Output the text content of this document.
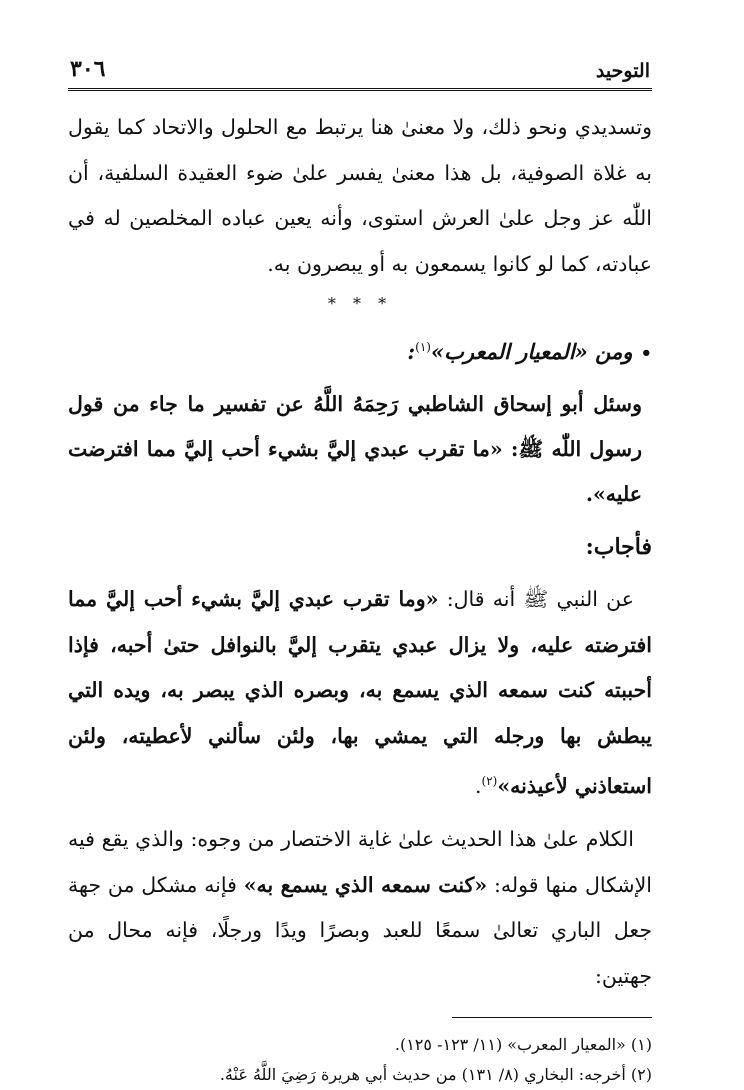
التوحيد
٣٠٦

وتسديدي ونحو ذلك، ولا معنىٰ هنا يرتبط مع الحلول والاتحاد كما يقول به غلاة الصوفية، بل هذا معنىٰ يفسر علىٰ ضوء العقيدة السلفية، أن اللّٰه عز وجل علىٰ العرش استوى، وأنه يعين عباده المخلصين له في عبادته، كما لو كانوا يسمعون به أو يبصرون به.

* * *
•ومن «المعيار المعرب»$^{(١)}$:

وسئل أبو إسحاق الشاطبي رَحِمَهُ اللَّهُ عن تفسير ما جاء من قول رسول اللّٰه ﷺ: «ما تقرب عبدي إليَّ بشيء أحب إليَّ مما افترضت عليه».

فأجاب:

عن النبي ﷺ أنه قال: «وما تقرب عبدي إليَّ بشيء أحب إليَّ مما افترضته عليه، ولا يزال عبدي يتقرب إليَّ بالنوافل حتىٰ أحبه، فإذا أحببته كنت سمعه الذي يسمع به، وبصره الذي يبصر به، ويده التي يبطش بها ورجله التي يمشي بها، ولئن سألني لأعطيته، ولئن استعاذني لأعيذنه»$^{(٢)}$.

الكلام علىٰ هذا الحديث علىٰ غاية الاختصار من وجوه: والذي يقع فيه الإشكال منها قوله: «كنت سمعه الذي يسمع به» فإنه مشكل من جهة جعل الباري تعالىٰ سمعًا للعبد وبصرًا ويدًا ورجلًا، فإنه محال من جهتين:

(١) «المعيار المعرب» (١١/ ١٢٣- ١٢٥).

(٢) أخرجه: البخاري (٨/ ١٣١) من حديث أبي هريرة رَضِيَ اللَّهُ عَنْهُ.
